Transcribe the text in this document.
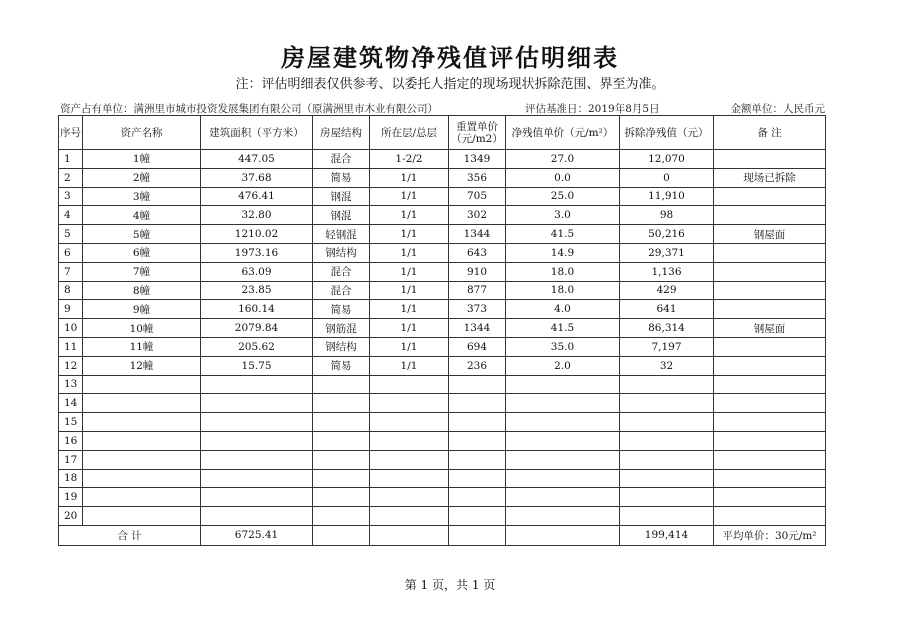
房屋建筑物净残值评估明细表
注：评估明细表仅供参考、以委托人指定的现场现状拆除范围、界至为准。
资产占有单位：满洲里市城市投资发展集团有限公司（原满洲里市木业有限公司）	评估基准日：2019年8月5日	金额单位：人民币元
序号	资产名称	建筑面积（平方米）	房屋结构	所在层/总层	重置单价（元/m2）	净残值单价（元/m²）	拆除净残值（元）	备 注
1	1幢	447.05	混合	1-2/2	1349	27.0	12,070	
2	2幢	37.68	简易	1/1	356	0.0	0	现场已拆除
3	3幢	476.41	钢混	1/1	705	25.0	11,910	
4	4幢	32.80	钢混	1/1	302	3.0	98	
5	5幢	1210.02	轻钢混	1/1	1344	41.5	50,216	钢屋面
6	6幢	1973.16	钢结构	1/1	643	14.9	29,371	
7	7幢	63.09	混合	1/1	910	18.0	1,136	
8	8幢	23.85	混合	1/1	877	18.0	429	
9	9幢	160.14	简易	1/1	373	4.0	641	
10	10幢	2079.84	钢筋混	1/1	1344	41.5	86,314	钢屋面
11	11幢	205.62	钢结构	1/1	694	35.0	7,197	
12	12幢	15.75	简易	1/1	236	2.0	32	
13								
14								
15								
16								
17								
18								
19								
20								
合 计		6725.41					199,414	平均单价：30元/m²
第 1 页，共 1 页
